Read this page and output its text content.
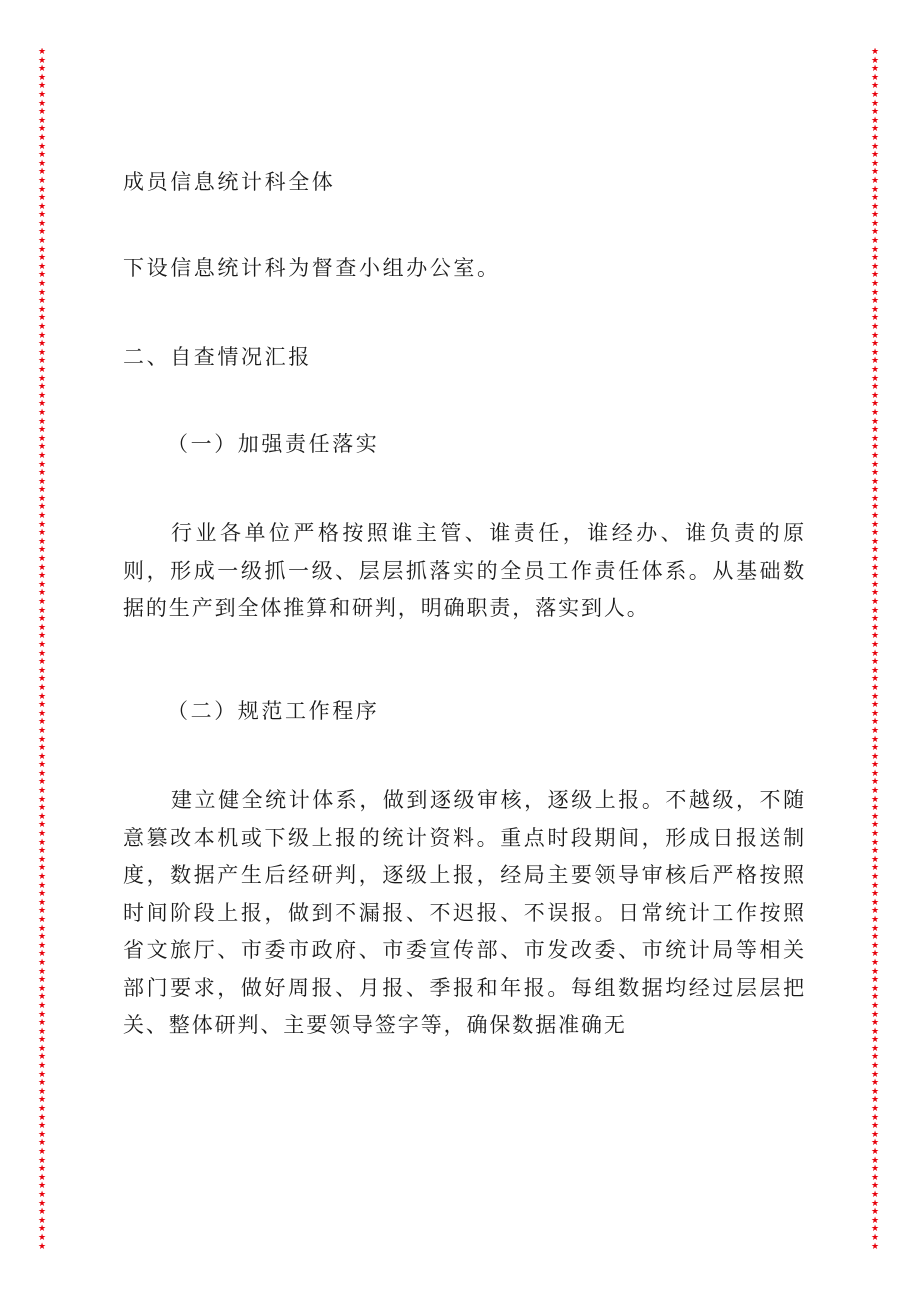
★
★
★
★
★
★
★
★
★
★
★
★
★
★
★
★
★
★
★
★
★
★
★
★
★
★
★
★
★
★
★
★
★
★
★
★
★
★
★
★
★
★
★
★
★
★
★
★
★
★
★
★
★
★
★
★
★
★
★
★
★
★
★
★
★
★
★
★
★
★
★
★
★
★
★
★
★
★
★
★
★
★
★
★
★
★
★
★
★
★
★
★
★
★
★
★
★
★
★
★
★
★
★
★
★
★
★
★
★
★
★
★
★
★
★
★
★
★
★
★
★
★
★
★
★
★
★
★
★
★
★
★
★
★
★
★
★
★
★
★
★
★
★
★
★
★
★
★
★
★
★
★
★
★
★
★
★
★
★
★
★
★
★
★
★
★
★
★
★
★
★
★
★
★
★
★
★
★
★
★
★
★
★
★
★
★
★
★
★
★
★
★
★
★
★
★
★
★
★
★
★
★
★
★
★
★
★
★
★
★
★
★
★
★
★
★
★
★
★
★
★
★
★
★
★
★
★
★
★
★
★
★
★
★
★
★
★
★
★
★
★
★
★
★
★
★
★
★
★
★
★
★
★
★
★
★
★
★
★
★
★
★
★
★
★
★
★
★
★
★
★
★
★
★
★
★
★
★
★
★
成员信息统计科全体
下设信息统计科为督查小组办公室。
二、自查情况汇报
（一）加强责任落实
行业各单位严格按照谁主管、谁责任，谁经办、谁负责的原则，形成一级抓一级、层层抓落实的全员工作责任体系。从基础数据的生产到全体推算和研判，明确职责，落实到人。
（二）规范工作程序
建立健全统计体系，做到逐级审核，逐级上报。不越级，不随意篡改本机或下级上报的统计资料。重点时段期间，形成日报送制度，数据产生后经研判，逐级上报，经局主要领导审核后严格按照时间阶段上报，做到不漏报、不迟报、不误报。日常统计工作按照省文旅厅、市委市政府、市委宣传部、市发改委、市统计局等相关部门要求，做好周报、月报、季报和年报。每组数据均经过层层把关、整体研判、主要领导签字等，确保数据准确无
